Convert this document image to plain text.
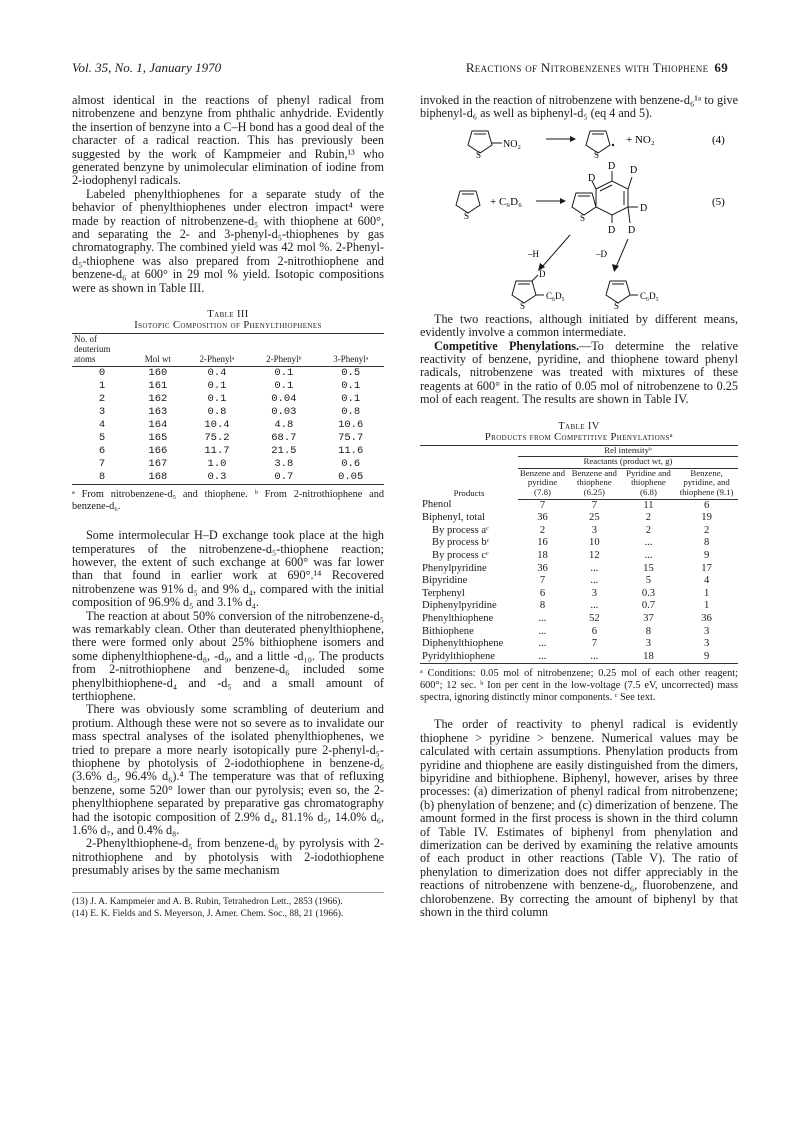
Vol. 35, No. 1, January 1970	Reactions of Nitrobenzenes with Thiophene 69

almost identical in the reactions of phenyl radical from nitrobenzene and benzyne from phthalic anhydride. Evidently the insertion of benzyne into a C–H bond has a good deal of the character of a radical reaction. This has previously been suggested by the work of Kampmeier and Rubin,¹³ who generated benzyne by unimolecular elimination of iodine from 2-iodophenyl radicals.

Labeled phenylthiophenes for a separate study of the behavior of phenylthiophenes under electron impact⁴ were made by reaction of nitrobenzene-d₅ with thiophene at 600°, and separating the 2- and 3-phenyl-d₅-thiophenes by gas chromatography. The combined yield was 42 mol %. 2-Phenyl-d₅-thiophene was also prepared from 2-nitrothiophene and benzene-d₆ at 600° in 29 mol % yield. Isotopic compositions were as shown in Table III.

Table III
Isotopic Composition of Phenylthiophenes
No. of deuterium atoms	Mol wt	2-Phenylᵃ	2-Phenylᵇ	3-Phenylᵃ
0	160	0.4	0.1	0.5
1	161	0.1	0.1	0.1
2	162	0.1	0.04	0.1
3	163	0.8	0.03	0.8
4	164	10.4	4.8	10.6
5	165	75.2	68.7	75.7
6	166	11.7	21.5	11.6
7	167	1.0	3.8	0.6
8	168	0.3	0.7	0.05
ᵃ From nitrobenzene-d₅ and thiophene. ᵇ From 2-nitrothiophene and benzene-d₆.

Some intermolecular H–D exchange took place at the high temperatures of the nitrobenzene-d₅-thiophene reaction; however, the extent of such exchange at 600° was far lower than that found in earlier work at 690°.¹⁴ Recovered nitrobenzene was 91% d₅ and 9% d₄, compared with the initial composition of 96.9% d₅ and 3.1% d₄.

The reaction at about 50% conversion of the nitrobenzene-d₅ was remarkably clean. Other than deuterated phenylthiophene, there were formed only about 25% bithiophene isomers and some diphenylthiophene-d₈, -d₉, and a little -d₁₀. The products from 2-nitrothiophene and benzene-d₆ included some phenylbithiophene-d₄ and -d₅ and a small amount of terthiophene.

There was obviously some scrambling of deuterium and protium. Although these were not so severe as to invalidate our mass spectral analyses of the isolated phenylthiophenes, we tried to prepare a more nearly isotopically pure 2-phenyl-d₅-thiophene by photolysis of 2-iodothiophene in benzene-d₆ (3.6% d₅, 96.4% d₆).⁴ The temperature was that of refluxing benzene, some 520° lower than our pyrolysis; even so, the 2-phenylthiophene separated by preparative gas chromatography had the isotopic composition of 2.9% d₄, 81.1% d₅, 14.0% d₆, 1.6% d₇, and 0.4% d₈.

2-Phenylthiophene-d₅ from benzene-d₆ by pyrolysis with 2-nitrothiophene and by photolysis with 2-iodothiophene presumably arises by the same mechanism

(13) J. A. Kampmeier and A. B. Rubin, Tetrahedron Lett., 2853 (1966).
(14) E. K. Fields and S. Meyerson, J. Amer. Chem. Soc., 88, 21 (1966).

invoked in the reaction of nitrobenzene with benzene-d₆¹ᵃ to give biphenyl-d₆ as well as biphenyl-d₅ (eq 4 and 5).

S
NO₂
S
+ NO₂	(4)
S
+ C₆D₆
S
D
D D
D
D D
(5)
–H	–D
D
S
C₆D₅
S
C₆D₅

The two reactions, although initiated by different means, evidently involve a common intermediate.

Competitive Phenylations.—To determine the relative reactivity of benzene, pyridine, and thiophene toward phenyl radicals, nitrobenzene was treated with mixtures of these reagents at 600° in the ratio of 0.05 mol of nitrobenzene to 0.25 mol of each reagent. The results are shown in Table IV.

Table IV
Products from Competitive Phenylationsᵃ
Products	Rel intensityᵇ			
	Reactants (product wt, g)			
	Benzene and pyridine (7.8)	Benzene and thiophene (6.25)	Pyridine and thiophene (6.8)	Benzene, pyridine, and thiophene (9.1)
Phenol	7	7	11	6
Biphenyl, total	36	25	2	19
By process aᶜ	2	3	2	2
By process bᶜ	16	10	...	8
By process cᶜ	18	12	...	9
Phenylpyridine	36	...	15	17
Bipyridine	7	...	5	4
Terphenyl	6	3	0.3	1
Diphenylpyridine	8	...	0.7	1
Phenylthiophene	...	52	37	36
Bithiophene	...	6	8	3
Diphenylthiophene	...	7	3	3
Pyridylthiophene	...	...	18	9
ᵃ Conditions: 0.05 mol of nitrobenzene; 0.25 mol of each other reagent; 600°; 12 sec. ᵇ Ion per cent in the low-voltage (7.5 eV, uncorrected) mass spectra, ignoring distinctly minor components. ᶜ See text.

The order of reactivity to phenyl radical is evidently thiophene > pyridine > benzene. Numerical values may be calculated with certain assumptions. Phenylation products from pyridine and thiophene are easily distinguished from the dimers, bipyridine and bithiophene. Biphenyl, however, arises by three processes: (a) dimerization of phenyl radical from nitrobenzene; (b) phenylation of benzene; and (c) dimerization of benzene. The amount formed in the first process is shown in the third column of Table IV. Estimates of biphenyl from phenylation and dimerization can be derived by examining the relative amounts of each product in other reactions (Table V). The ratio of phenylation to dimerization does not differ appreciably in the reactions of nitrobenzene with benzene-d₆, fluorobenzene, and chlorobenzene. By correcting the amount of biphenyl by that shown in the third column
